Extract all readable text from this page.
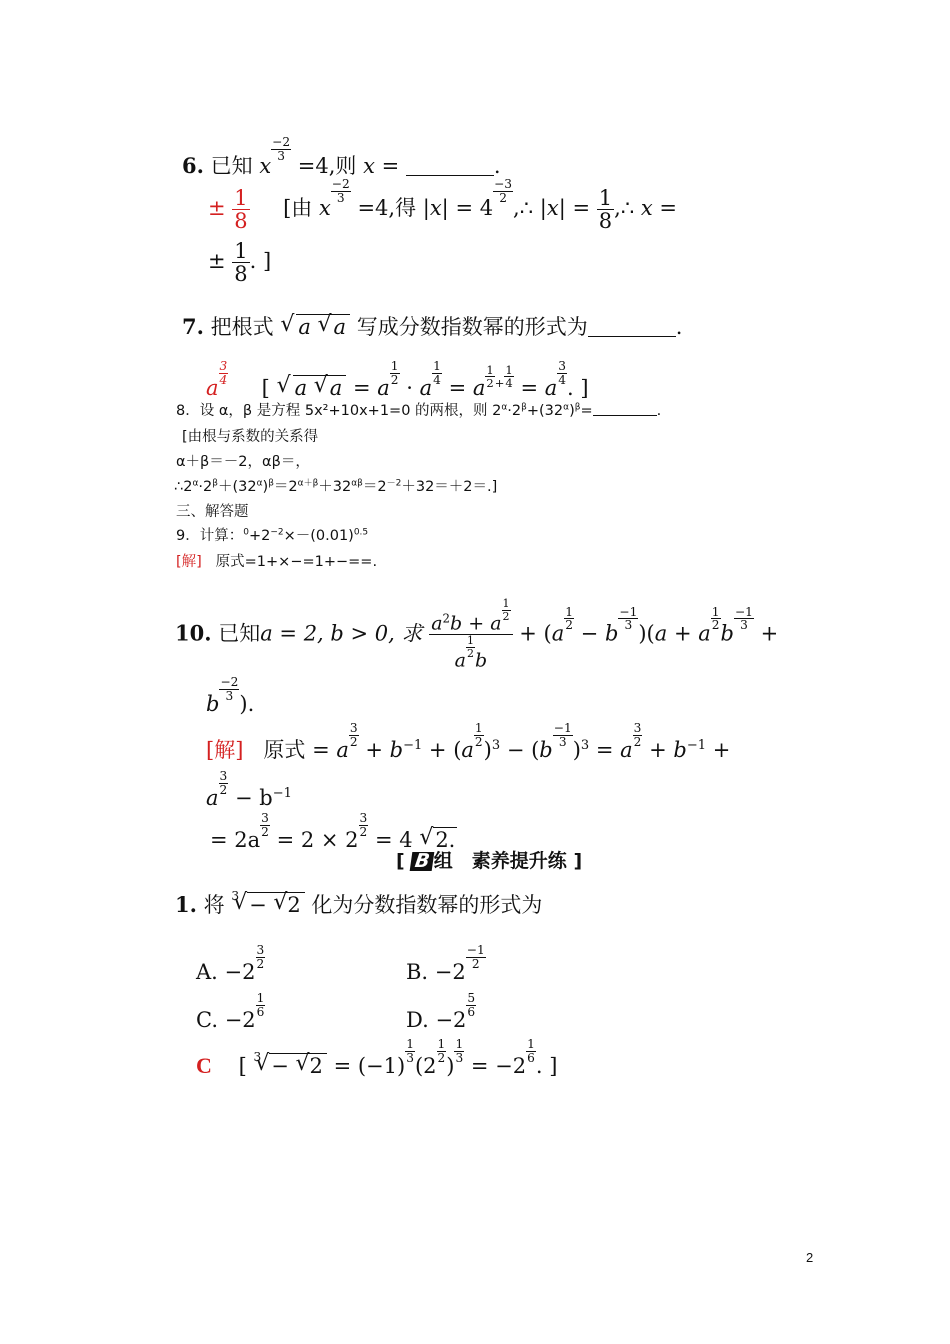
6. 已知 x
$\frac{-2}{3}$
=4,则 x =	.
± $\frac{1}{8}$ [由 x
$\frac{-2}{3}$
=4,得 |x| = 4
$\frac{-3}{2}$
,∴ $|x| = \frac{1}{8}$ ,∴ x =
± $\frac{1}{8}$ . ]
7. 把根式 √ a √ a 写成分数指数幂的形式为	.
a
$\frac{3}{4}$
[ √ a √ a = a
$\frac{1}{2}$
· a
$\frac{1}{4}$
= a $^{\frac{1}{2} + \frac{1}{4}}$ = a
$\frac{3}{4}$
. ]
8．设 α，β 是方程 5x²+10x+1=0 的两根，则 $2^\alpha\cdot 2^\beta+(32^\alpha)^\beta=$	.
[由根与系数的关系得
α＋β＝－2，αβ＝，
$\therefore 2^\alpha\cdot 2^\beta+(32^\alpha)^\beta=2^{\alpha+\beta}+32^{\alpha\beta}=2^{-2}+32=+2=$.]
三、解答题
9．计算：$^0+2^{-2}\times-(0.01)^{0.5}$
[解] 原式=1+×−=1+−==.
10. 已知a = 2, b > 0, 求 $a^2b + a$
$\frac{1}{2}$
a
$\frac{1}{2}$
b + (a
$\frac{1}{2}$
− b
$\frac{-1}{3}$
)(a + a
$\frac{1}{2}$
b
$\frac{-1}{3}$
+
b
$\frac{-2}{3}$
).
[解] 原式 = a
$\frac{3}{2}$
+ $b^{-1} + (a$
$\frac{1}{2}$
)$^3$ − (b
$\frac{-1}{3}$
)$^3$ = a
$\frac{3}{2}$
+ $b^{-1}$ +
a
$\frac{3}{2}$
− $b^{-1}$
= 2a
$\frac{3}{2}$
= 2 × 2
$\frac{3}{2}$
= 4 √ 2.
[ B 组　素养提升练 ]
1. 将 $^3$ √ − √ 2 化为分数指数幂的形式为
A. −2
$\frac{3}{2}$
B. −2
$\frac{-1}{2}$
C. −2
$\frac{1}{6}$
D. −2
$\frac{5}{6}$
C [ $^3$ √ − √ 2 = (−1)
$\frac{1}{3}$
(2
$\frac{1}{2}$
)
$\frac{1}{3}$
= −2
$\frac{1}{6}$
. ]
2
